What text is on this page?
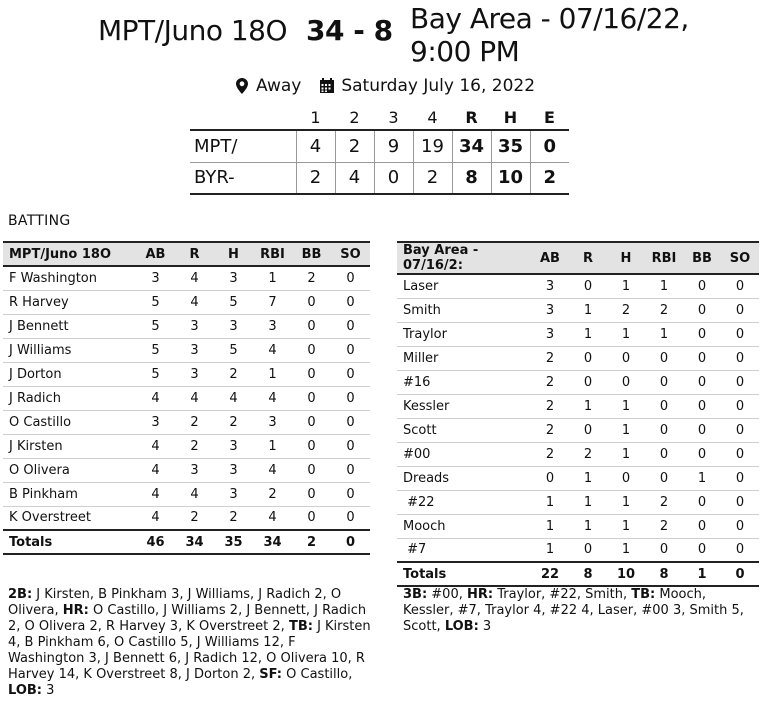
MPT/Juno 18O 34 - 8 Bay Area - 07/16/22, 9:00 PM
Away Saturday July 16, 2022
	1	2	3	4	R	H	E
MPT/	4	2	9	19	34	35	0
BYR-	2	4	0	2	8	10	2
BATTING
MPT/Juno 18O	AB	R	H	RBI	BB	SO
F Washington	3	4	3	1	2	0
R Harvey	5	4	5	7	0	0
J Bennett	5	3	3	3	0	0
J Williams	5	3	5	4	0	0
J Dorton	5	3	2	1	0	0
J Radich	4	4	4	4	0	0
O Castillo	3	2	2	3	0	0
J Kirsten	4	2	3	1	0	0
O Olivera	4	3	3	4	0	0
B Pinkham	4	4	3	2	0	0
K Overstreet	4	2	2	4	0	0
Totals	46	34	35	34	2	0
Bay Area - 07/16/2:	AB	R	H	RBI	BB	SO
Laser	3	0	1	1	0	0
Smith	3	1	2	2	0	0
Traylor	3	1	1	1	0	0
Miller	2	0	0	0	0	0
#16	2	0	0	0	0	0
Kessler	2	1	1	0	0	0
Scott	2	0	1	0	0	0
#00	2	2	1	0	0	0
Dreads	0	1	0	0	1	0
#22	1	1	1	2	0	0
Mooch	1	1	1	2	0	0
#7	1	0	1	0	0	0
Totals	22	8	10	8	1	0
2B: J Kirsten, B Pinkham 3, J Williams, J Radich 2, O Olivera, HR: O Castillo, J Williams 2, J Bennett, J Radich 2, O Olivera 2, R Harvey 3, K Overstreet 2, TB: J Kirsten 4, B Pinkham 6, O Castillo 5, J Williams 12, F Washington 3, J Bennett 6, J Radich 12, O Olivera 10, R Harvey 14, K Overstreet 8, J Dorton 2, SF: O Castillo, LOB: 3
3B: #00, HR: Traylor, #22, Smith, TB: Mooch, Kessler, #7, Traylor 4, #22 4, Laser, #00 3, Smith 5, Scott, LOB: 3
